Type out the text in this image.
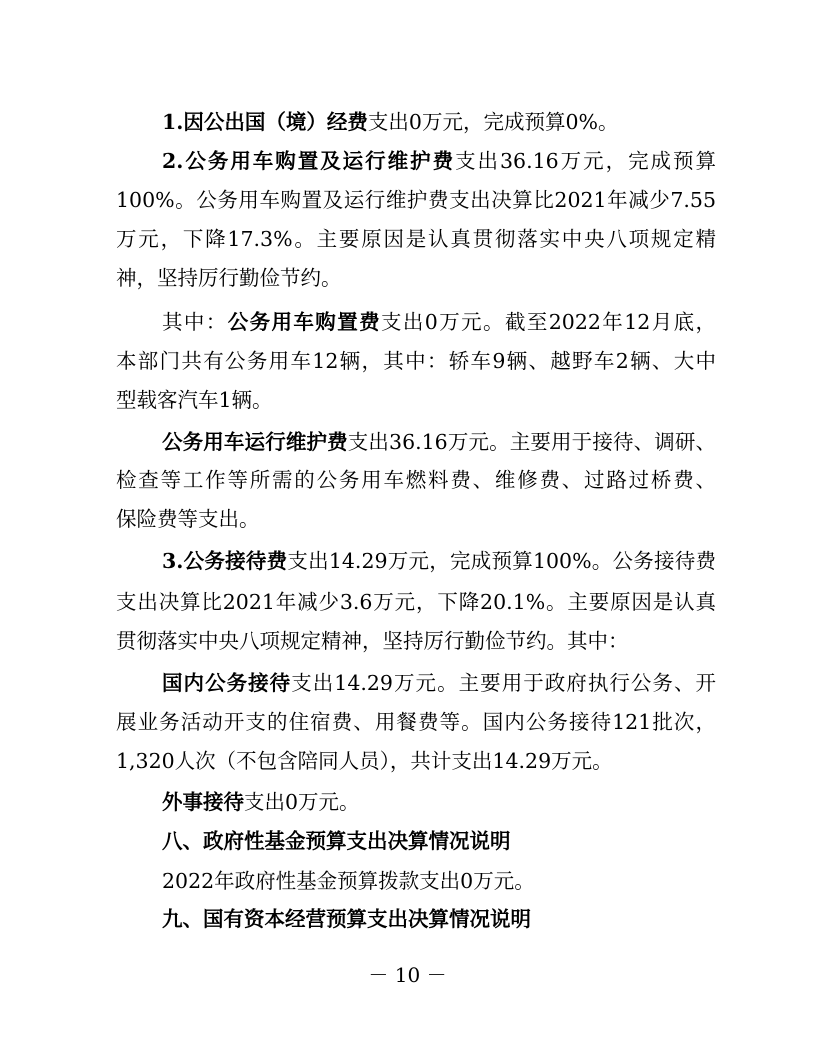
1.因公出国（境）经费支出0万元，完成预算0%。
2.公务用车购置及运行维护费支出36.16万元，完成预算
100%。公务用车购置及运行维护费支出决算比2021年减少7.55
万元，下降17.3%。主要原因是认真贯彻落实中央八项规定精
神，坚持厉行勤俭节约。
其中：公务用车购置费支出0万元。截至2022年12月底，
本部门共有公务用车12辆，其中：轿车9辆、越野车2辆、大中
型载客汽车1辆。
公务用车运行维护费支出36.16万元。主要用于接待、调研、
检查等工作等所需的公务用车燃料费、维修费、过路过桥费、
保险费等支出。
3.公务接待费支出14.29万元，完成预算100%。公务接待费
支出决算比2021年减少3.6万元，下降20.1%。主要原因是认真
贯彻落实中央八项规定精神，坚持厉行勤俭节约。其中：
国内公务接待支出14.29万元。主要用于政府执行公务、开
展业务活动开支的住宿费、用餐费等。国内公务接待121批次，
1,320人次（不包含陪同人员），共计支出14.29万元。
外事接待支出0万元。
八、政府性基金预算支出决算情况说明
2022年政府性基金预算拨款支出0万元。
九、国有资本经营预算支出决算情况说明
－ 10 －
